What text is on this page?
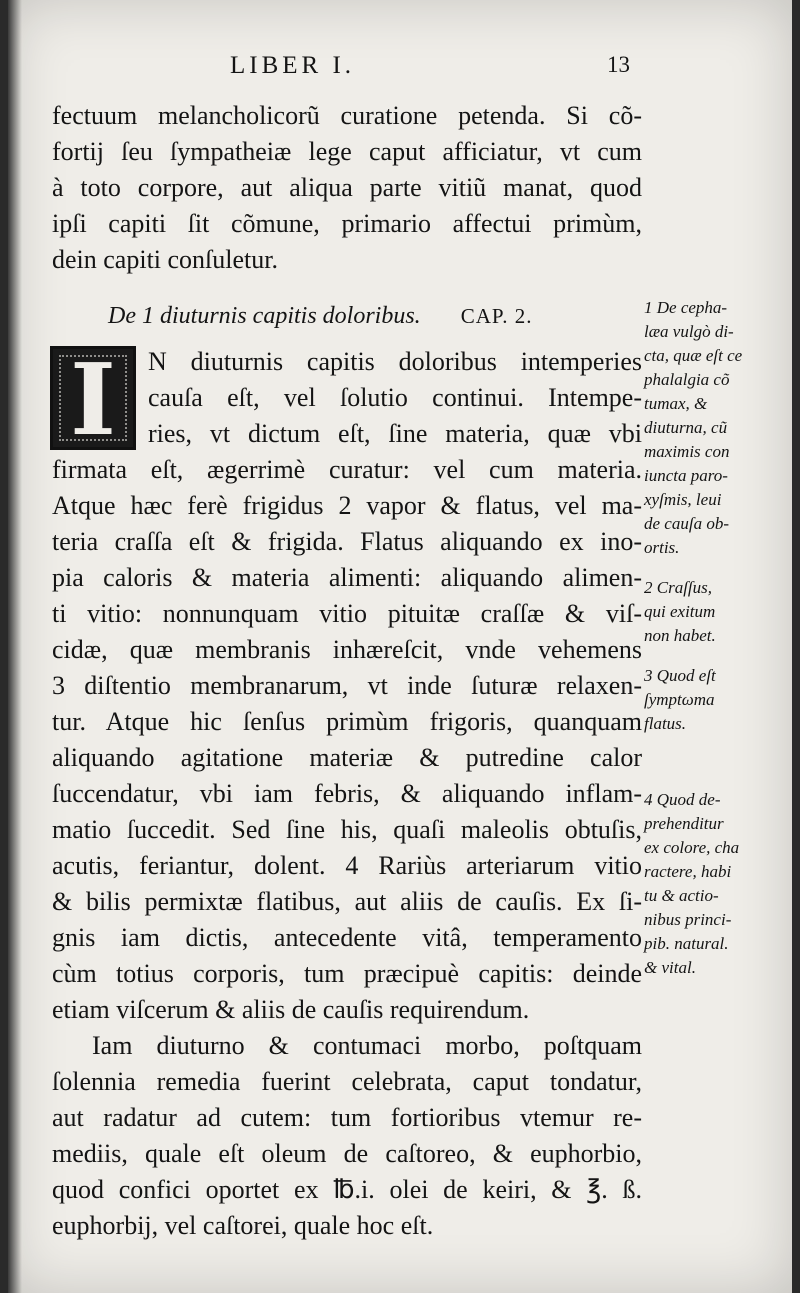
LIBER I.	13
fectuum melancholicorũ curatione petenda. Si cõ-
fortij ſeu ſympatheiæ lege caput afficiatur, vt cum
à toto corpore, aut aliqua parte vitiũ manat, quod
ipſi capiti ſit cõmune, primario affectui primùm,
dein capiti conſuletur.
De 1 diuturnis capitis doloribus. CAP. 2.
I	N diuturnis capitis doloribus intemperies
cauſa eſt, vel ſolutio continui. Intempe-
ries, vt dictum eſt, ſine materia, quæ vbi
firmata eſt, ægerrimè curatur: vel cum materia.
Atque hæc ferè frigidus 2 vapor & flatus, vel ma-
teria craſſa eſt & frigida. Flatus aliquando ex ino-
pia caloris & materia alimenti: aliquando alimen-
ti vitio: nonnunquam vitio pituitæ craſſæ & viſ-
cidæ, quæ membranis inhæreſcit, vnde vehemens
3 diſtentio membranarum, vt inde ſuturæ relaxen-
tur. Atque hic ſenſus primùm frigoris, quanquam
aliquando agitatione materiæ & putredine calor
ſuccendatur, vbi iam febris, & aliquando inflam-
matio ſuccedit. Sed ſine his, quaſi maleolis obtuſis,
acutis, feriantur, dolent. 4 Rariùs arteriarum vitio
& bilis permixtæ flatibus, aut aliis de cauſis. Ex ſi-
gnis iam dictis, antecedente vitâ, temperamento
cùm totius corporis, tum præcipuè capitis: deinde
etiam viſcerum & aliis de cauſis requirendum.
Iam diuturno & contumaci morbo, poſtquam
ſolennia remedia fuerint celebrata, caput tondatur,
aut radatur ad cutem: tum fortioribus vtemur re-
mediis, quale eſt oleum de caſtoreo, & euphorbio,
quod confici oportet ex ℔.i. olei de keiri, & ℥. ß.
euphorbij, vel caſtorei, quale hoc eſt.
1 De cepha-
læa vulgò di-
cta, quæ eſt ce
phalalgia cõ
tumax, &
diuturna, cũ
maximis con
iuncta paro-
xyſmis, leui
de cauſa ob-
ortis.
2 Craſſus,
qui exitum
non habet.
3 Quod eſt
ſymptωma
flatus.
4 Quod de-
prehenditur
ex colore, cha
ractere, habi
tu & actio-
nibus princi-
pib. natural.
& vital.
